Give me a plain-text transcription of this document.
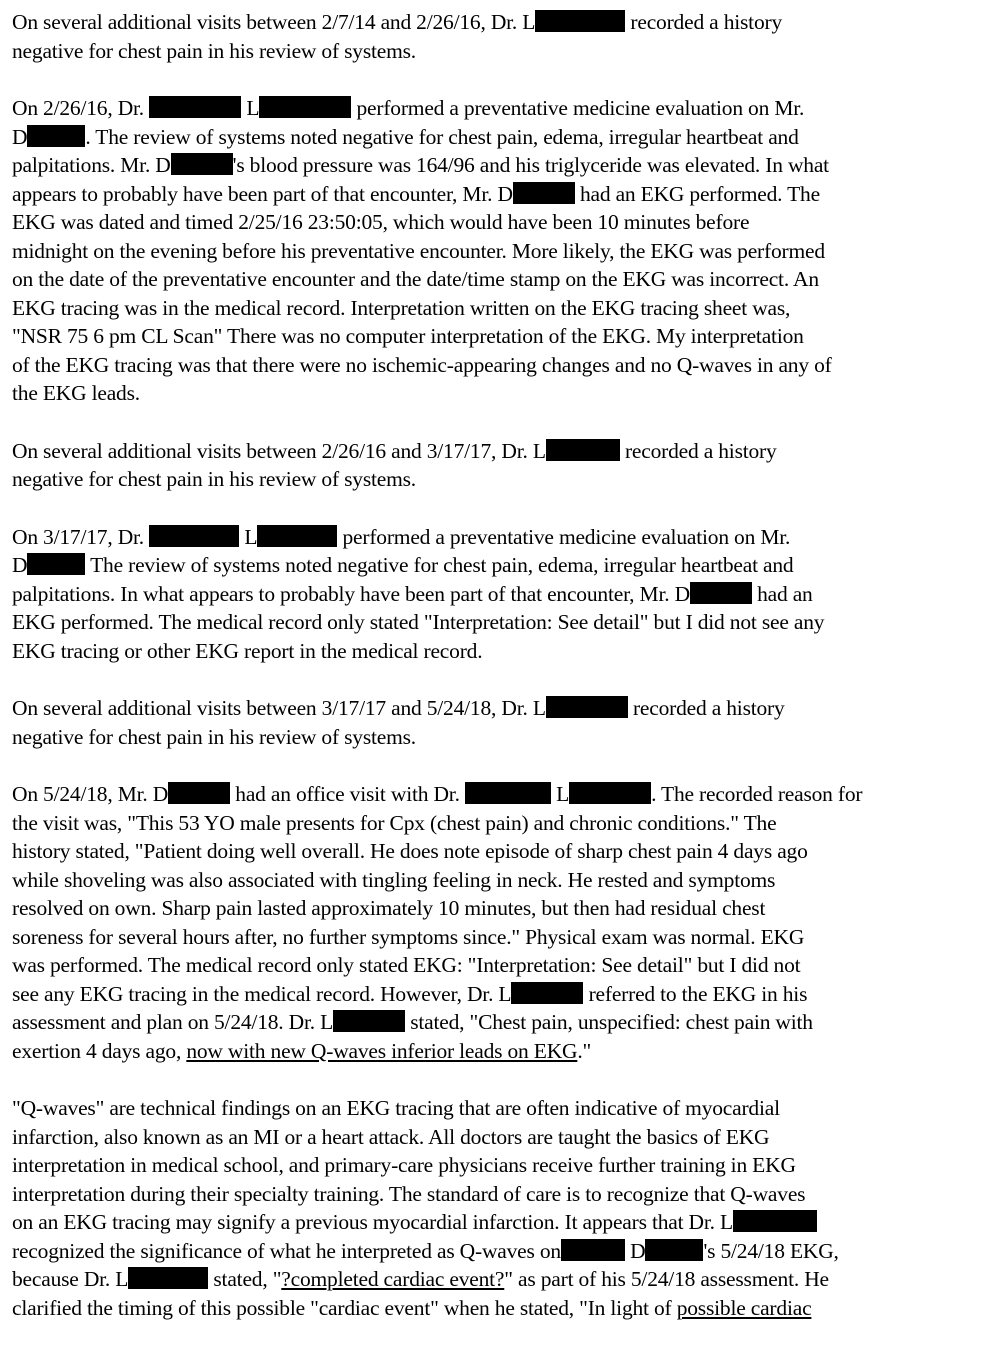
On several additional visits between 2/7/14 and 2/26/16, Dr. L	recorded a history
negative for chest pain in his review of systems.

On 2/26/16, Dr.	L	performed a preventative medicine evaluation on Mr.
D	. The review of systems noted negative for chest pain, edema, irregular heartbeat and
palpitations. Mr. D	's blood pressure was 164/96 and his triglyceride was elevated. In what
appears to probably have been part of that encounter, Mr. D	had an EKG performed. The
EKG was dated and timed 2/25/16 23:50:05, which would have been 10 minutes before
midnight on the evening before his preventative encounter. More likely, the EKG was performed
on the date of the preventative encounter and the date/time stamp on the EKG was incorrect. An
EKG tracing was in the medical record. Interpretation written on the EKG tracing sheet was,
"NSR 75 6 pm CL Scan" There was no computer interpretation of the EKG. My interpretation
of the EKG tracing was that there were no ischemic-appearing changes and no Q-waves in any of
the EKG leads.

On several additional visits between 2/26/16 and 3/17/17, Dr. L	recorded a history
negative for chest pain in his review of systems.

On 3/17/17, Dr.	L	performed a preventative medicine evaluation on Mr.
D	The review of systems noted negative for chest pain, edema, irregular heartbeat and
palpitations. In what appears to probably have been part of that encounter, Mr. D	had an
EKG performed. The medical record only stated "Interpretation: See detail" but I did not see any
EKG tracing or other EKG report in the medical record.

On several additional visits between 3/17/17 and 5/24/18, Dr. L	recorded a history
negative for chest pain in his review of systems.

On 5/24/18, Mr. D	had an office visit with Dr.	L	. The recorded reason for
the visit was, "This 53 YO male presents for Cpx (chest pain) and chronic conditions." The
history stated, "Patient doing well overall. He does note episode of sharp chest pain 4 days ago
while shoveling was also associated with tingling feeling in neck. He rested and symptoms
resolved on own. Sharp pain lasted approximately 10 minutes, but then had residual chest
soreness for several hours after, no further symptoms since." Physical exam was normal. EKG
was performed. The medical record only stated EKG: "Interpretation: See detail" but I did not
see any EKG tracing in the medical record. However, Dr. L	referred to the EKG in his
assessment and plan on 5/24/18. Dr. L	stated, "Chest pain, unspecified: chest pain with
exertion 4 days ago, now with new Q-waves inferior leads on EKG."

"Q-waves" are technical findings on an EKG tracing that are often indicative of myocardial
infarction, also known as an MI or a heart attack. All doctors are taught the basics of EKG
interpretation in medical school, and primary-care physicians receive further training in EKG
interpretation during their specialty training. The standard of care is to recognize that Q-waves
on an EKG tracing may signify a previous myocardial infarction. It appears that Dr. L
recognized the significance of what he interpreted as Q-waves on	D	's 5/24/18 EKG,
because Dr. L	stated, "?completed cardiac event?" as part of his 5/24/18 assessment. He
clarified the timing of this possible "cardiac event" when he stated, "In light of possible cardiac
